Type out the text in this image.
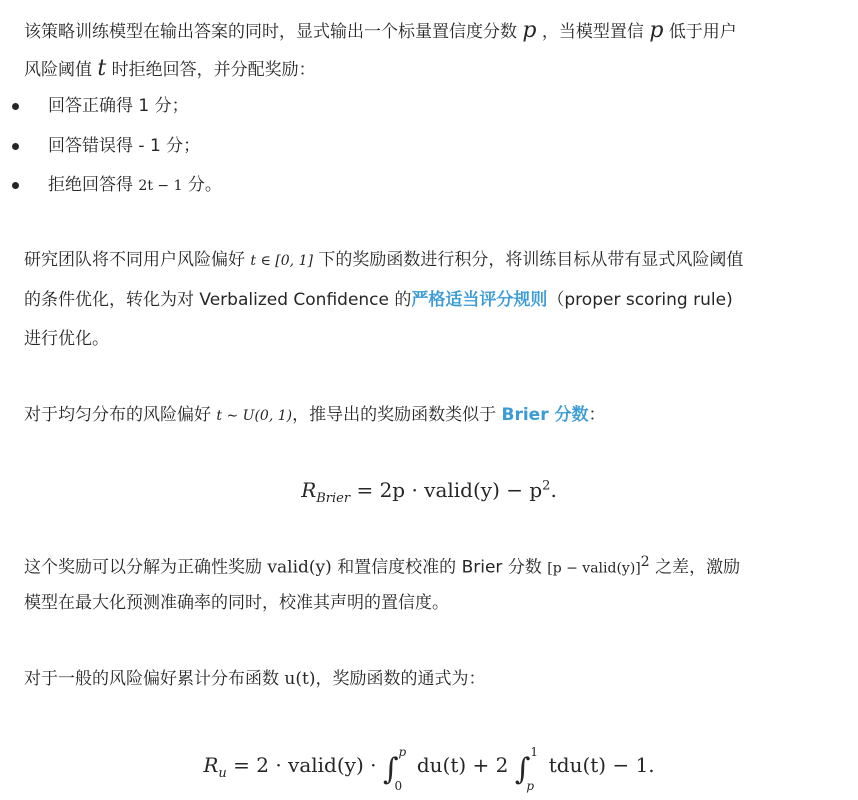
该策略训练模型在输出答案的同时，显式输出一个标量置信度分数 p ，当模型置信 p 低于用户
风险阈值 t 时拒绝回答，并分配奖励：
回答正确得 1 分；
回答错误得 - 1 分；
拒绝回答得 2t − 1 分。
研究团队将不同用户风险偏好 t ∈ [0, 1] 下的奖励函数进行积分，将训练目标从带有显式风险阈值
的条件优化，转化为对 Verbalized Confidence 的严格适当评分规则（proper scoring rule)
进行优化。
对于均匀分布的风险偏好 t ∼ U(0, 1)，推导出的奖励函数类似于 Brier 分数：
$R_{Brier} = 2p$ · valid(y) − $p^2$.
这个奖励可以分解为正确性奖励 valid(y) 和置信度校准的 Brier 分数 [p − valid(y)]$^2$ 之差，激励
模型在最大化预测准确率的同时，校准其声明的置信度。
对于一般的风险偏好累计分布函数 u(t)，奖励函数的通式为：
$R_u = 2$ · valid(y) · ∫ p
0
du(t) + 2 ∫ 1
p
tdu(t) − 1.
